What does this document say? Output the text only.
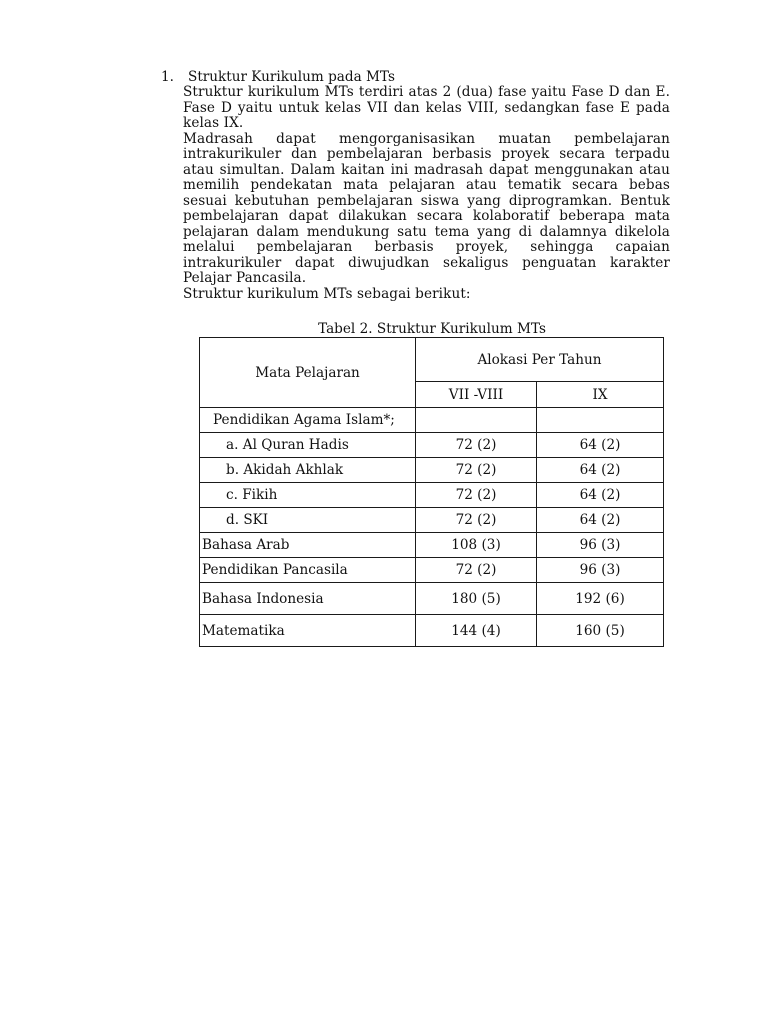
1. Struktur Kurikulum pada MTs

Struktur kurikulum MTs terdiri atas 2 (dua) fase yaitu Fase D dan E. Fase D yaitu untuk kelas VII dan kelas VIII, sedangkan fase E pada kelas IX.

Madrasah dapat mengorganisasikan muatan pembelajaran intrakurikuler dan pembelajaran berbasis proyek secara terpadu atau simultan. Dalam kaitan ini madrasah dapat menggunakan atau memilih pendekatan mata pelajaran atau tematik secara bebas sesuai kebutuhan pembelajaran siswa yang diprogramkan. Bentuk pembelajaran dapat dilakukan secara kolaboratif beberapa mata pelajaran dalam mendukung satu tema yang di dalamnya dikelola melalui pembelajaran berbasis proyek, sehingga capaian intrakurikuler dapat diwujudkan sekaligus penguatan karakter Pelajar Pancasila.

Struktur kurikulum MTs sebagai berikut:

Tabel 2. Struktur Kurikulum MTs
Mata Pelajaran	Alokasi Per Tahun	
	VII -VIII	IX
Pendidikan Agama Islam*;		
a. Al Quran Hadis	72 (2)	64 (2)
b. Akidah Akhlak	72 (2)	64 (2)
c. Fikih	72 (2)	64 (2)
d. SKI	72 (2)	64 (2)
Bahasa Arab	108 (3)	96 (3)
Pendidikan Pancasila	72 (2)	96 (3)
Bahasa Indonesia	180 (5)	192 (6)
Matematika	144 (4)	160 (5)
